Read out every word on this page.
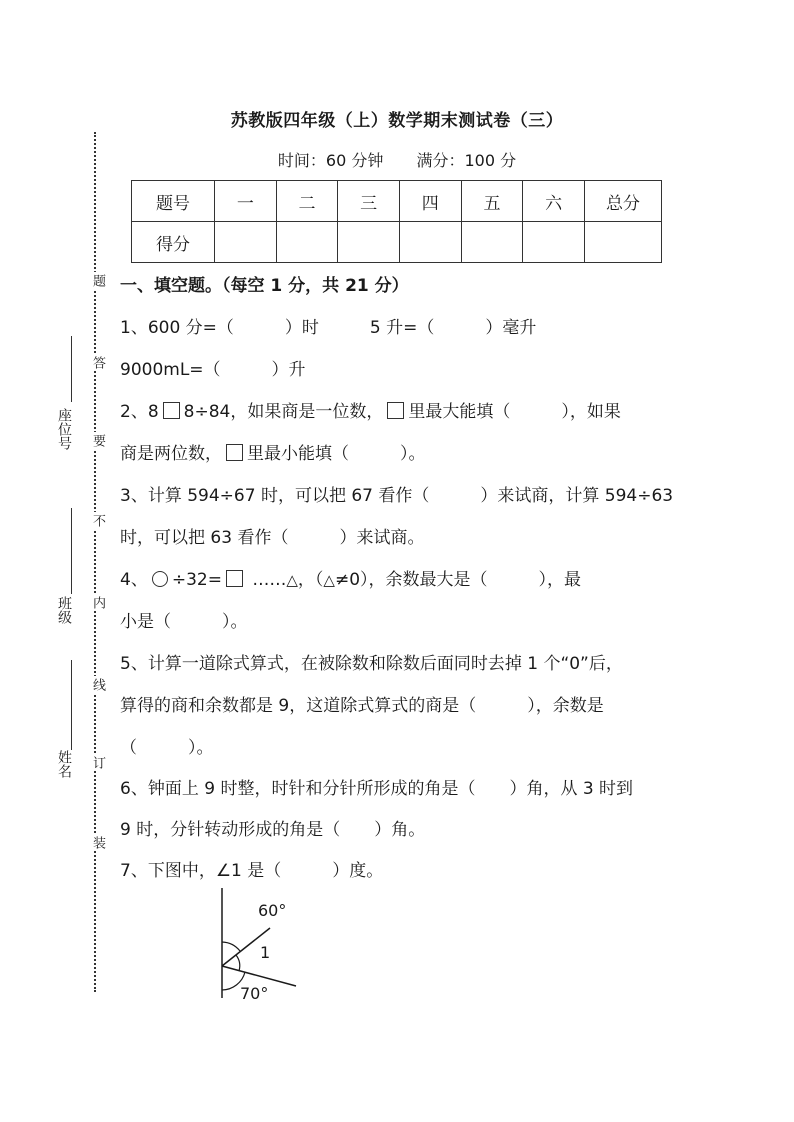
苏教版四年级（上）数学期末测试卷（三）
时间：60 分钟 满分：100 分
题号	一	二	三	四	五	六	总分
得分							
题
答
要
不
内
线
订
装
座位号
班级
姓名
一、填空题。（每空 1 分，共 21 分）
1、600 分=（　　　）时　　　5 升=（　　　）毫升
9000mL=（　　　）升
2、8 8÷84，如果商是一位数， 里最大能填（　　　），如果
商是两位数， 里最小能填（　　　）。
3、计算 594÷67 时，可以把 67 看作（　　　）来试商，计算 594÷63
时，可以把 63 看作（　　　）来试商。
4、 ÷32= ……△，（△≠0），余数最大是（　　　），最
小是（　　　）。
5、计算一道除式算式，在被除数和除数后面同时去掉 1 个“0”后，
算得的商和余数都是 9，这道除式算式的商是（　　　），余数是
（　　　）。
6、钟面上 9 时整，时针和分针所形成的角是（　　）角，从 3 时到
9 时，分针转动形成的角是（　　）角。
7、下图中，∠1 是（　　　）度。
60°
1
70°
